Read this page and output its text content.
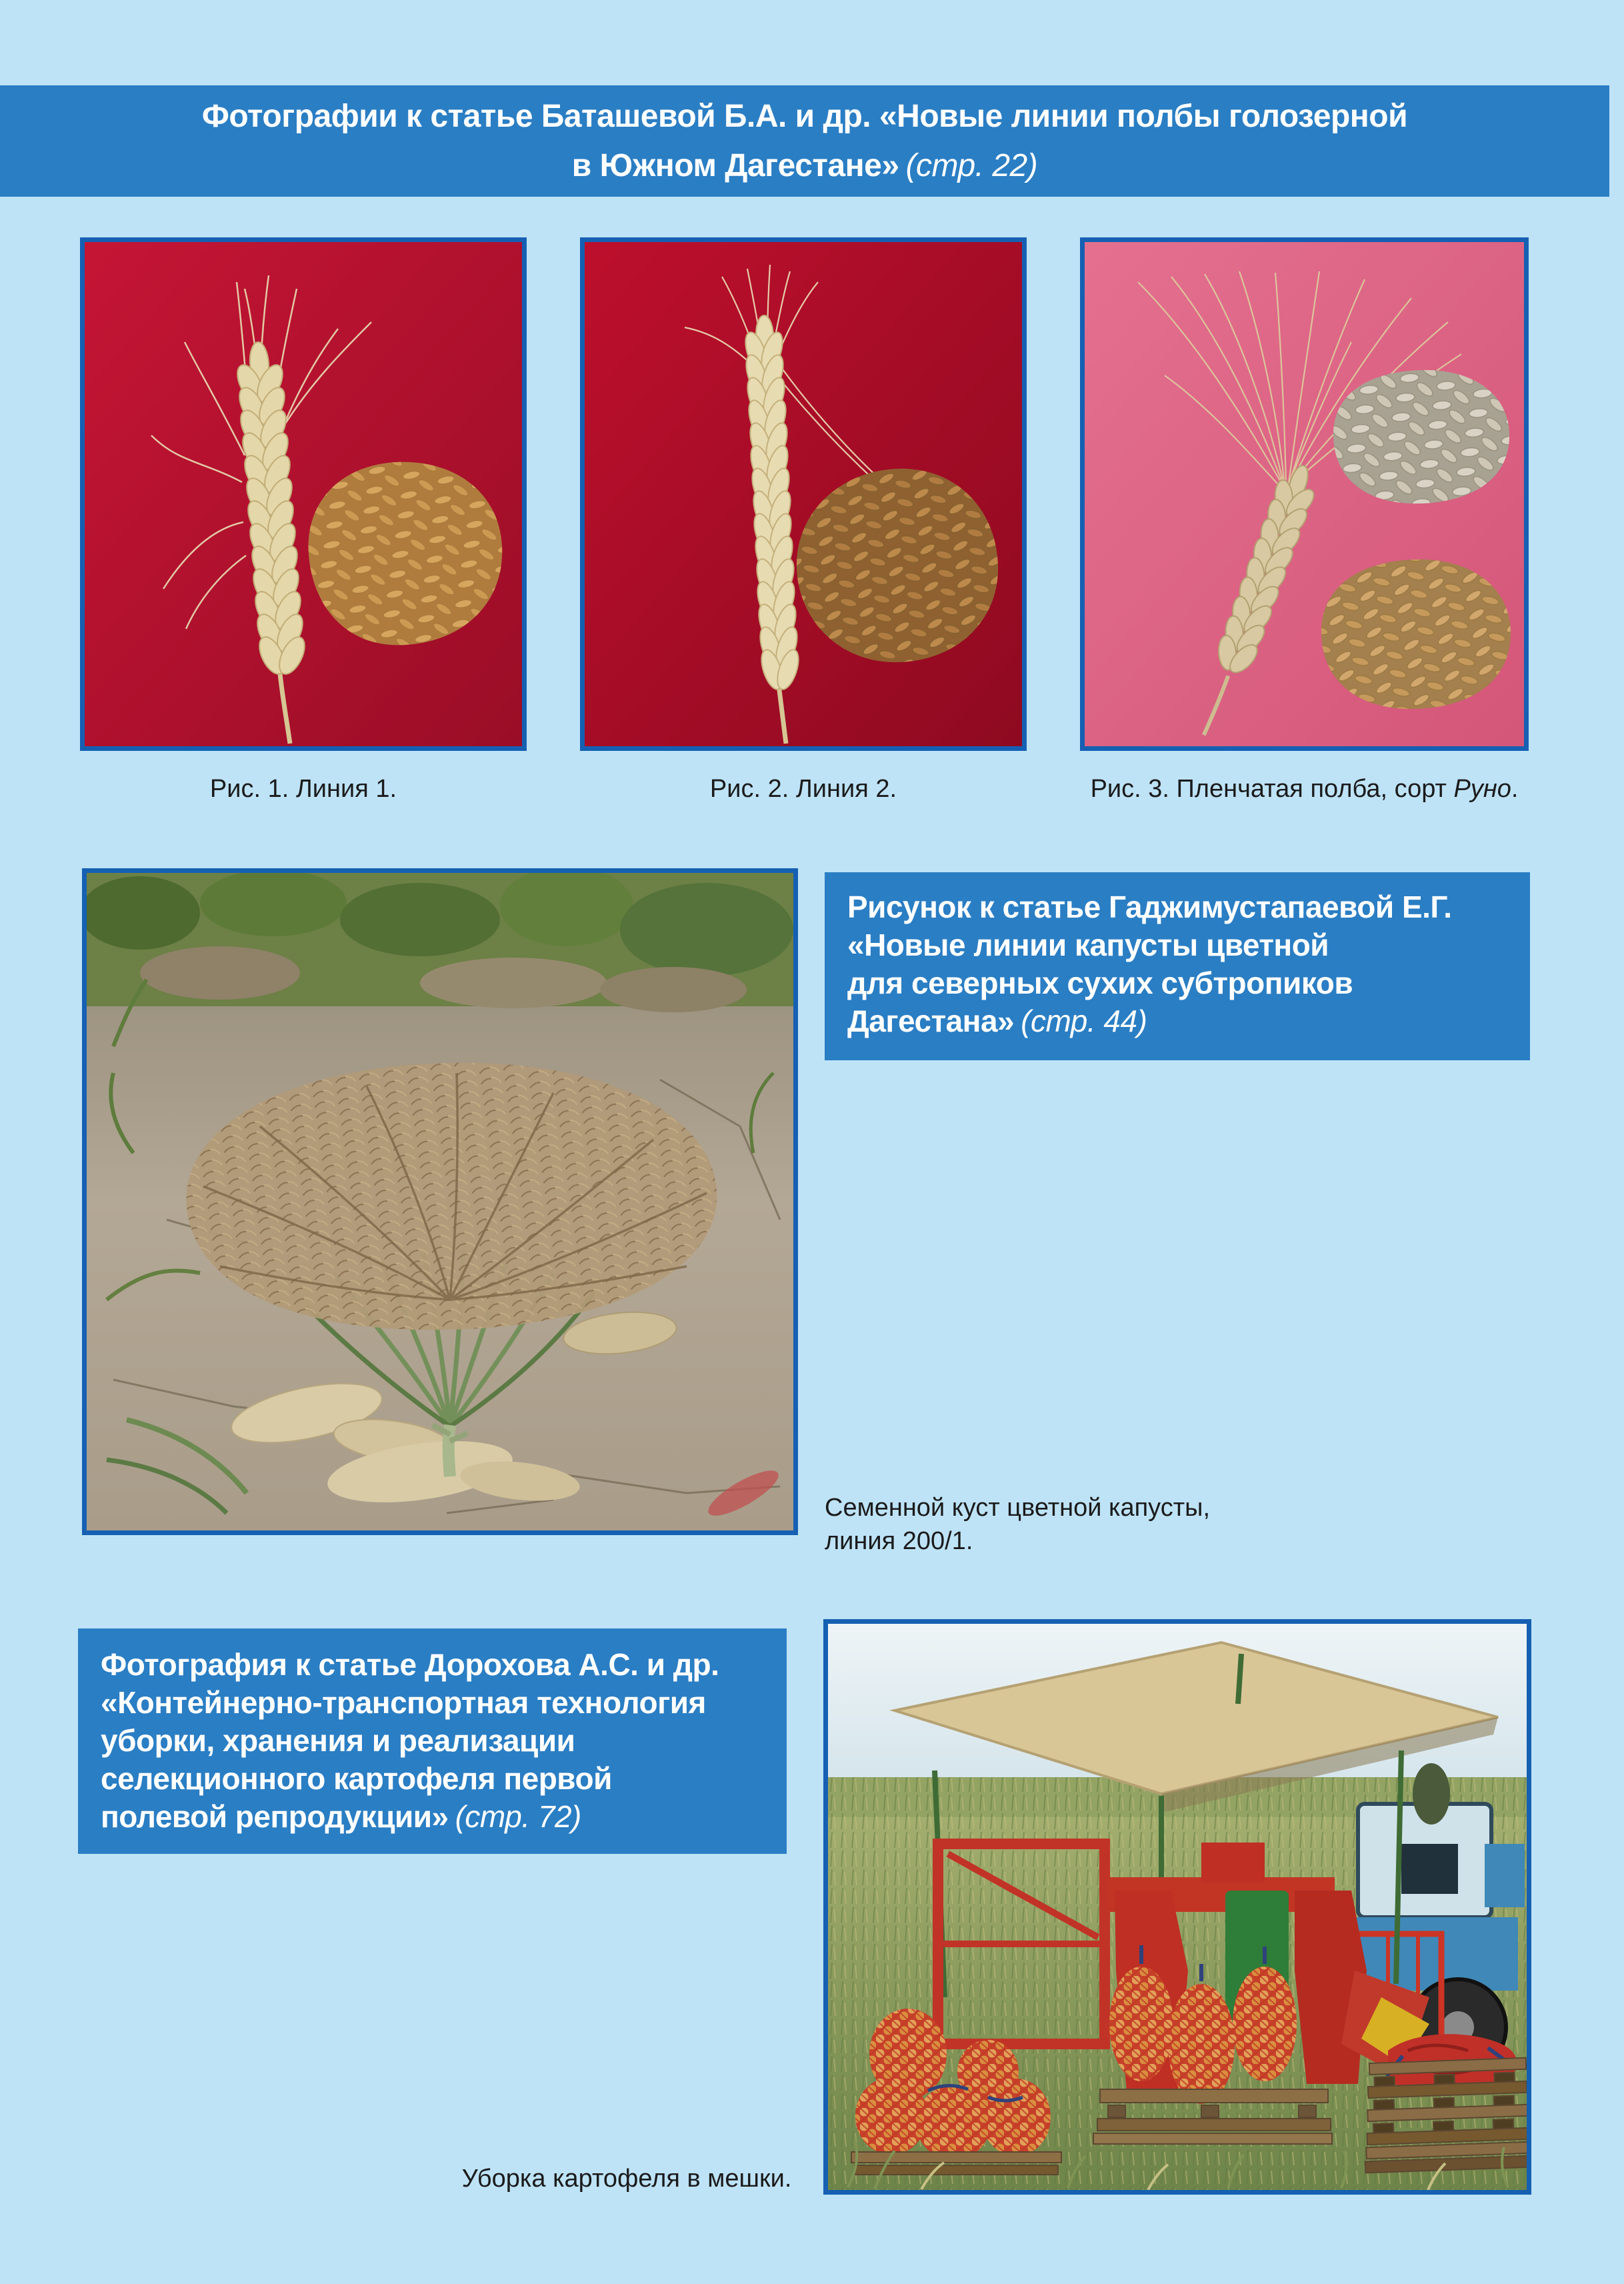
Фотографии к статье Баташевой Б.А. и др. «Новые линии полбы голозерной
в Южном Дагестане» (стр. 22)
Рис. 1. Линия 1.	Рис. 2. Линия 2.	Рис. 3. Пленчатая полба, сорт Руно.
Рисунок к статье Гаджимустапаевой Е.Г.
«Новые линии капусты цветной
для северных сухих субтропиков
Дагестана» (стр. 44)
Семенной куст цветной капусты,
линия 200/1.
Фотография к статье Дорохова А.С. и др.
«Контейнерно-транспортная технология
уборки, хранения и реализации
селекционного картофеля первой
полевой репродукции» (стр. 72)
Уборка картофеля в мешки.
